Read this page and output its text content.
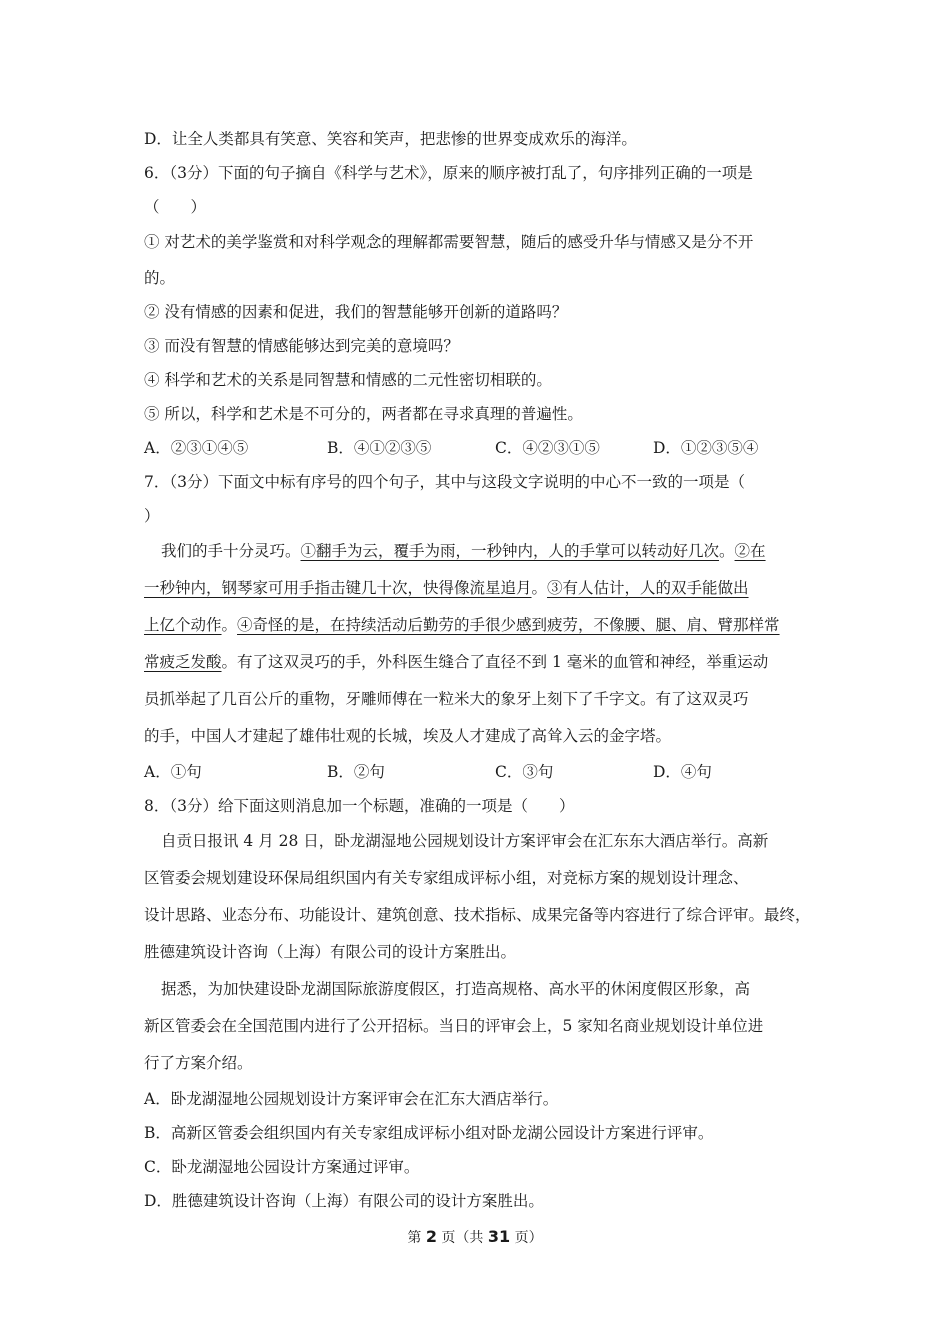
D．让全人类都具有笑意、笑容和笑声，把悲惨的世界变成欢乐的海洋。
6．（3分）下面的句子摘自《科学与艺术》，原来的顺序被打乱了，句序排列正确的一项是
（　　）
① 对艺术的美学鉴赏和对科学观念的理解都需要智慧，随后的感受升华与情感又是分不开
的。
② 没有情感的因素和促进，我们的智慧能够开创新的道路吗？
③ 而没有智慧的情感能够达到完美的意境吗？
④ 科学和艺术的关系是同智慧和情感的二元性密切相联的。
⑤ 所以，科学和艺术是不可分的，两者都在寻求真理的普遍性。
A．②③①④⑤	B．④①②③⑤	C．④②③①⑤	D．①②③⑤④
7．（3分）下面文中标有序号的四个句子，其中与这段文字说明的中心不一致的一项是（
）
我们的手十分灵巧。①翻手为云，覆手为雨，一秒钟内，人的手掌可以转动好几次。②在
一秒钟内，钢琴家可用手指击键几十次，快得像流星追月。③有人估计，人的双手能做出
上亿个动作。④奇怪的是，在持续活动后勤劳的手很少感到疲劳，不像腰、腿、肩、臂那样常
常疲乏发酸。有了这双灵巧的手，外科医生缝合了直径不到 1 毫米的血管和神经，举重运动
员抓举起了几百公斤的重物，牙雕师傅在一粒米大的象牙上刻下了千字文。有了这双灵巧
的手，中国人才建起了雄伟壮观的长城，埃及人才建成了高耸入云的金字塔。
A．①句	B．②句	C．③句	D．④句
8．（3分）给下面这则消息加一个标题，准确的一项是（　　）
自贡日报讯 4 月 28 日，卧龙湖湿地公园规划设计方案评审会在汇东东大酒店举行。高新
区管委会规划建设环保局组织国内有关专家组成评标小组，对竞标方案的规划设计理念、
设计思路、业态分布、功能设计、建筑创意、技术指标、成果完备等内容进行了综合评审。最终，
胜德建筑设计咨询（上海）有限公司的设计方案胜出。
据悉，为加快建设卧龙湖国际旅游度假区，打造高规格、高水平的休闲度假区形象，高
新区管委会在全国范围内进行了公开招标。当日的评审会上，5 家知名商业规划设计单位进
行了方案介绍。
A．卧龙湖湿地公园规划设计方案评审会在汇东大酒店举行。
B．高新区管委会组织国内有关专家组成评标小组对卧龙湖公园设计方案进行评审。
C．卧龙湖湿地公园设计方案通过评审。
D．胜德建筑设计咨询（上海）有限公司的设计方案胜出。
第 2 页（共 31 页）
